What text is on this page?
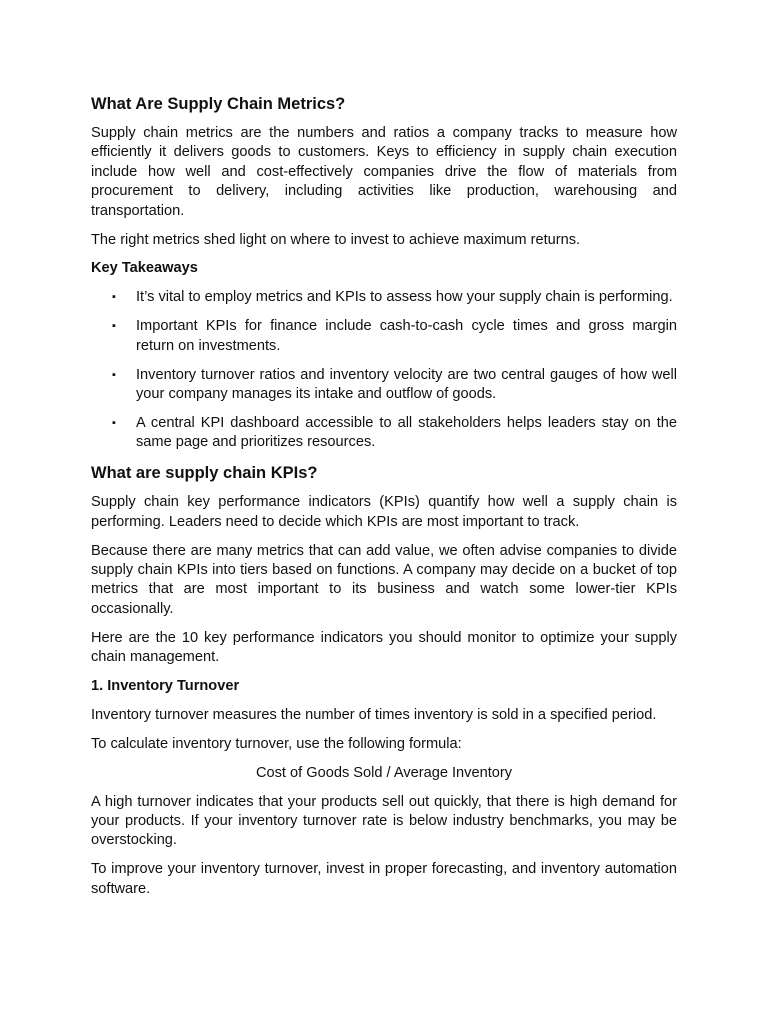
What Are Supply Chain Metrics?

Supply chain metrics are the numbers and ratios a company tracks to measure how efficiently it delivers goods to customers. Keys to efficiency in supply chain execution include how well and cost-effectively companies drive the flow of materials from procurement to delivery, including activities like production, warehousing and transportation.

The right metrics shed light on where to invest to achieve maximum returns.

Key Takeaways

▪ It’s vital to employ metrics and KPIs to assess how your supply chain is performing.
▪ Important KPIs for finance include cash-to-cash cycle times and gross margin return on investments.
▪ Inventory turnover ratios and inventory velocity are two central gauges of how well your company manages its intake and outflow of goods.
▪ A central KPI dashboard accessible to all stakeholders helps leaders stay on the same page and prioritizes resources.
What are supply chain KPIs?

Supply chain key performance indicators (KPIs) quantify how well a supply chain is performing. Leaders need to decide which KPIs are most important to track.

Because there are many metrics that can add value, we often advise companies to divide supply chain KPIs into tiers based on functions. A company may decide on a bucket of top metrics that are most important to its business and watch some lower-tier KPIs occasionally.

Here are the 10 key performance indicators you should monitor to optimize your supply chain management.

1. Inventory Turnover

Inventory turnover measures the number of times inventory is sold in a specified period.

To calculate inventory turnover, use the following formula:

Cost of Goods Sold / Average Inventory

A high turnover indicates that your products sell out quickly, that there is high demand for your products. If your inventory turnover rate is below industry benchmarks, you may be overstocking.

To improve your inventory turnover, invest in proper forecasting, and inventory automation software.
